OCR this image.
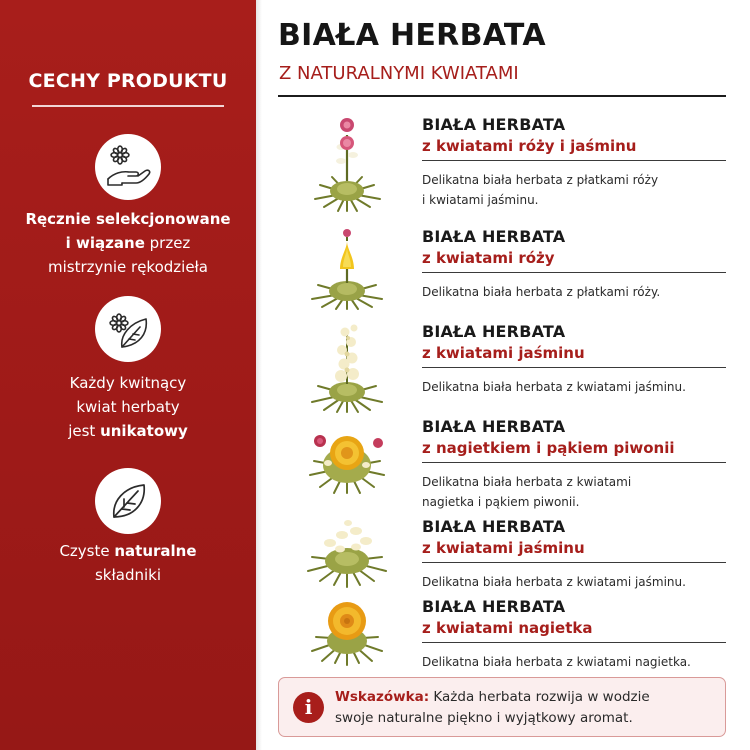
CECHY PRODUKTU
Ręcznie selekcjonowane
i wiązane przez
mistrzynie rękodzieła
Każdy kwitnący
kwiat herbaty
jest unikatowy
Czyste naturalne
składniki
BIAŁA HERBATA
Z NATURALNYMI KWIATAMI
BIAŁA HERBATA
z kwiatami róży i jaśminu
Delikatna biała herbata z płatkami róży
i kwiatami jaśminu.
BIAŁA HERBATA
z kwiatami róży
Delikatna biała herbata z płatkami róży.
BIAŁA HERBATA
z kwiatami jaśminu
Delikatna biała herbata z kwiatami jaśminu.
BIAŁA HERBATA
z nagietkiem i pąkiem piwonii
Delikatna biała herbata z kwiatami
nagietka i pąkiem piwonii.
BIAŁA HERBATA
z kwiatami jaśminu
Delikatna biała herbata z kwiatami jaśminu.
BIAŁA HERBATA
z kwiatami nagietka
Delikatna biała herbata z kwiatami nagietka.
i	Wskazówka: Każda herbata rozwija w wodzie
swoje naturalne piękno i wyjątkowy aromat.
